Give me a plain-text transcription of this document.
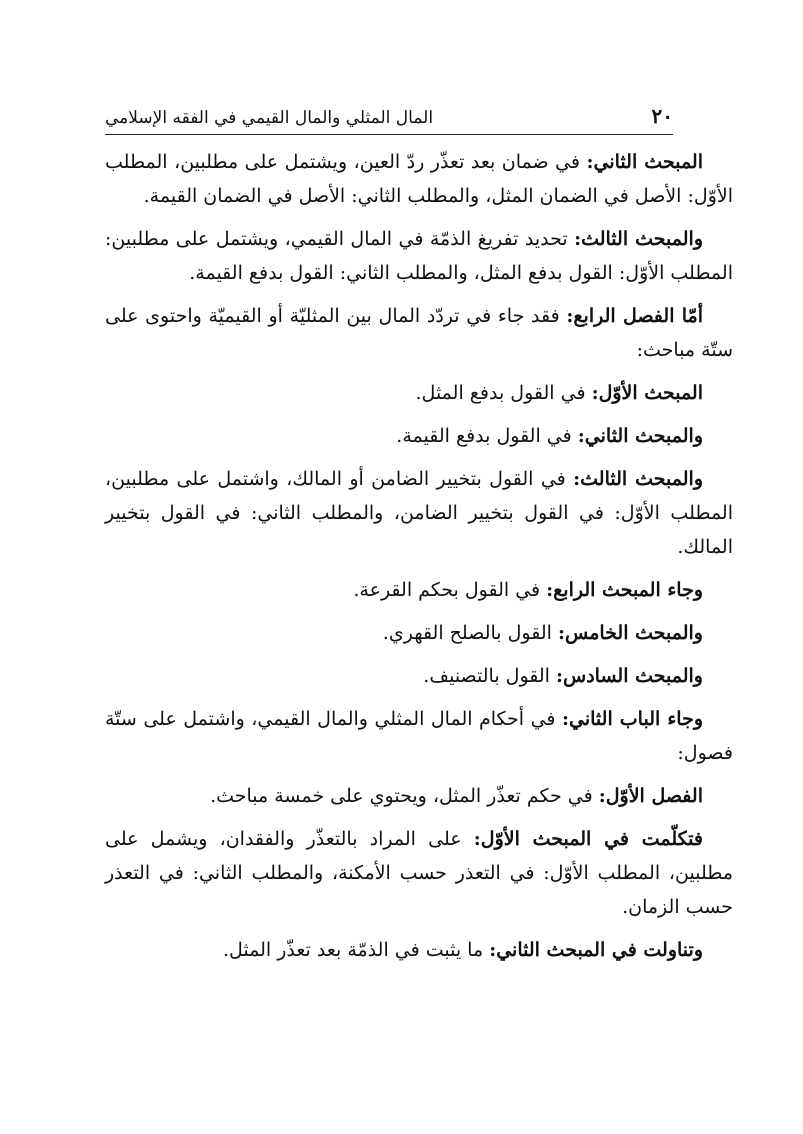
٢٠
المال المثلي والمال القيمي في الفقه الإسلامي

المبحث الثاني: في ضمان بعد تعذّر ردّ العين، ويشتمل على مطلبين، المطلب الأوّل: الأصل في الضمان المثل، والمطلب الثاني: الأصل في الضمان القيمة.

والمبحث الثالث: تحديد تفريغ الذمّة في المال القيمي، ويشتمل على مطلبين: المطلب الأوّل: القول بدفع المثل، والمطلب الثاني: القول بدفع القيمة.

أمّا الفصل الرابع: فقد جاء في تردّد المال بين المثليّة أو القيميّة واحتوى على ستّة مباحث:

المبحث الأوّل: في القول بدفع المثل.

والمبحث الثاني: في القول بدفع القيمة.

والمبحث الثالث: في القول بتخيير الضامن أو المالك، واشتمل على مطلبين، المطلب الأوّل: في القول بتخيير الضامن، والمطلب الثاني: في القول بتخيير المالك.

وجاء المبحث الرابع: في القول بحكم القرعة.

والمبحث الخامس: القول بالصلح القهري.

والمبحث السادس: القول بالتصنيف.

وجاء الباب الثاني: في أحكام المال المثلي والمال القيمي، واشتمل على ستّة فصول:

الفصل الأوّل: في حكم تعذّر المثل، ويحتوي على خمسة مباحث.

فتكلّمت في المبحث الأوّل: على المراد بالتعذّر والفقدان، ويشمل على مطلبين، المطلب الأوّل: في التعذر حسب الأمكنة، والمطلب الثاني: في التعذر حسب الزمان.

وتناولت في المبحث الثاني: ما يثبت في الذمّة بعد تعذّر المثل.
